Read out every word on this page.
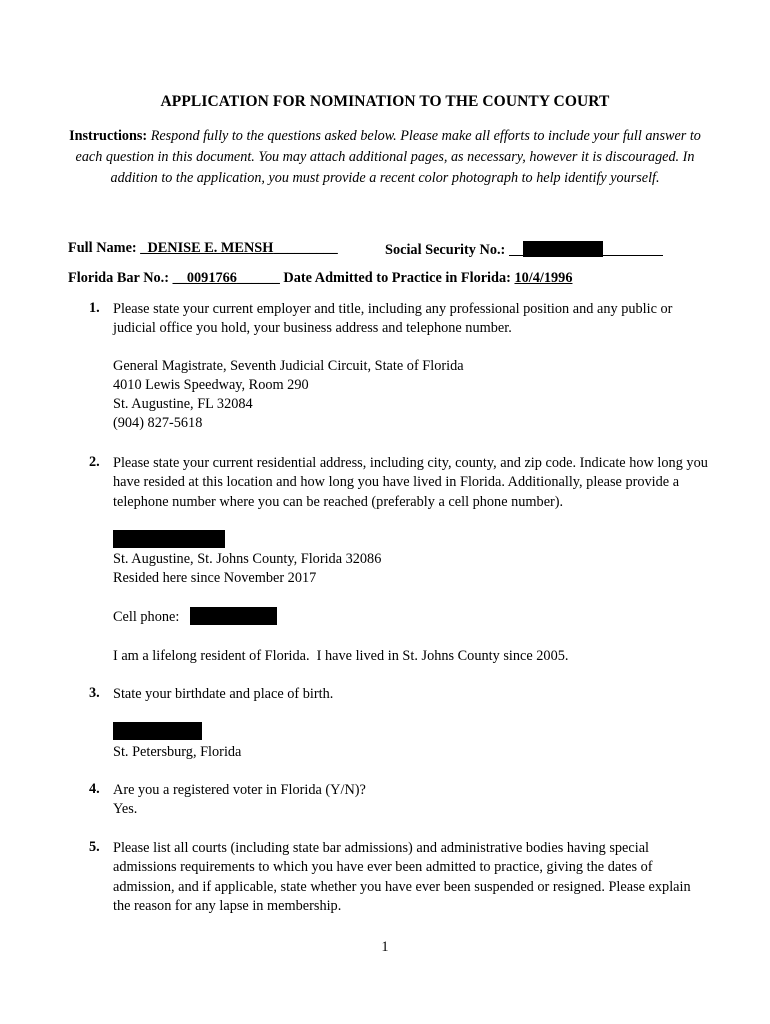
APPLICATION FOR NOMINATION TO THE COUNTY COURT
Instructions: Respond fully to the questions asked below. Please make all efforts to include your full answer to each question in this document. You may attach additional pages, as necessary, however it is discouraged. In addition to the application, you must provide a recent color photograph to help identify yourself.
Full Name: _DENISE E. MENSH_________	Social Security No.:
Florida Bar No.: __0091766______ Date Admitted to Practice in Florida: 10/4/1996
1. Please state your current employer and title, including any professional position and any public or judicial office you hold, your business address and telephone number.
General Magistrate, Seventh Judicial Circuit, State of Florida
4010 Lewis Speedway, Room 290
St. Augustine, FL 32084
(904) 827-5618
2. Please state your current residential address, including city, county, and zip code. Indicate how long you have resided at this location and how long you have lived in Florida. Additionally, please provide a telephone number where you can be reached (preferably a cell phone number).
St. Augustine, St. Johns County, Florida 32086
Resided here since November 2017
Cell phone:
I am a lifelong resident of Florida.  I have lived in St. Johns County since 2005.
3. State your birthdate and place of birth.
St. Petersburg, Florida
4. Are you a registered voter in Florida (Y/N)?
Yes.
5. Please list all courts (including state bar admissions) and administrative bodies having special admissions requirements to which you have ever been admitted to practice, giving the dates of admission, and if applicable, state whether you have ever been suspended or resigned. Please explain the reason for any lapse in membership.
1
